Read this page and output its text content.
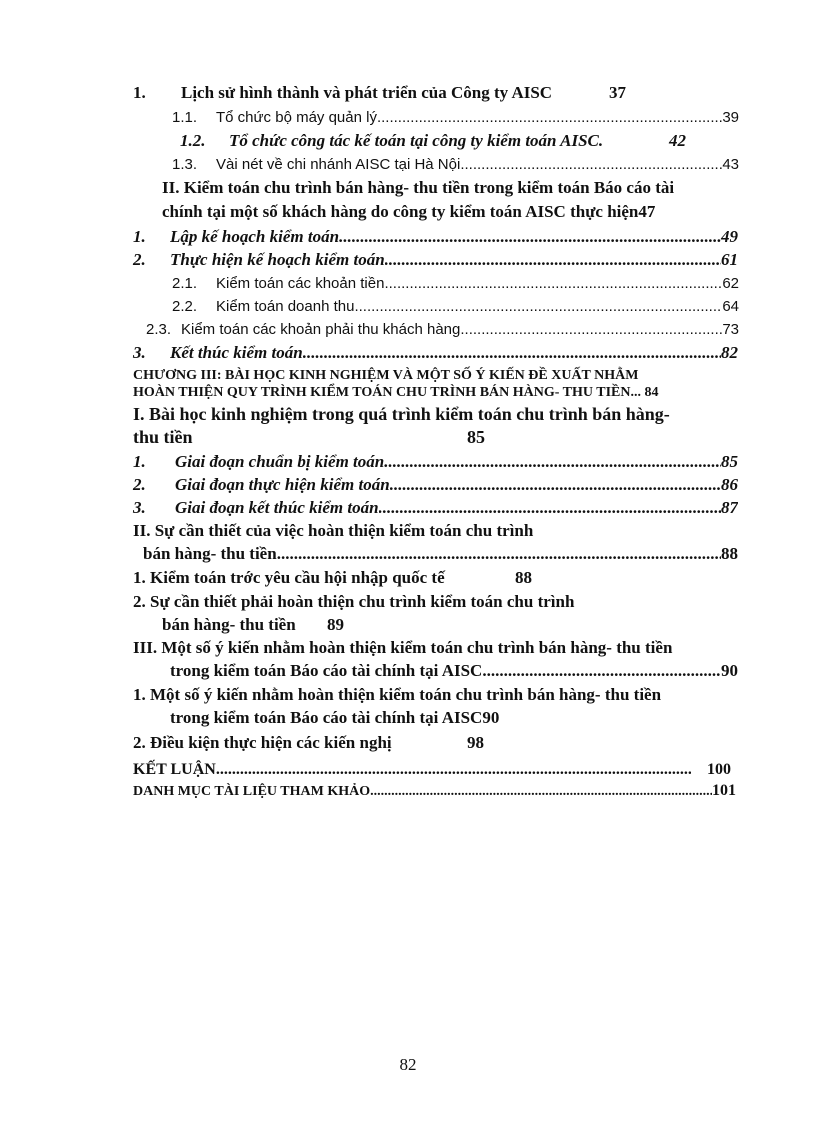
1. Lịch sử hình thành và phát triển của Công ty AISC	37
1.1. Tổ chức bộ máy quản lý .....	39
1.2. Tổ chức công tác kế toán tại công ty kiểm toán AISC.	42
1.3. Vài nét về chi nhánh AISC tại Hà Nội .....	43
II. Kiểm toán chu trình bán hàng- thu tiền trong kiểm toán Báo cáo tài
chính tại một số khách hàng do công ty kiểm toán AISC thực hiện47
1. Lập kế hoạch kiểm toán .....	49
2. Thực hiện kế hoạch kiểm toán .....	61
2.1. Kiểm toán các khoản tiền .....	62
2.2. Kiểm toán doanh thu .....	64
2.3. Kiểm toán các khoản phải thu khách hàng .....	73
3. Kết thúc kiểm toán .....	82
CHƯƠNG III: BÀI HỌC KINH NGHIỆM VÀ MỘT SỐ Ý KIẾN ĐỀ XUẤT NHẰM
HOÀN THIỆN QUY TRÌNH KIỂM TOÁN CHU TRÌNH BÁN HÀNG- THU TIỀN... 84
I. Bài học kinh nghiệm trong quá trình kiểm toán chu trình bán hàng-
thu tiền	85
1. Giai đoạn chuẩn bị kiểm toán .....	85
2. Giai đoạn thực hiện kiểm toán .....	86
3. Giai đoạn kết thúc kiểm toán .....	87
II. Sự cần thiết của việc hoàn thiện kiểm toán chu trình
bán hàng- thu tiền .....	88
1. Kiểm toán trớc yêu cầu hội nhập quốc tế	88
2. Sự cần thiết phải hoàn thiện chu trình kiểm toán chu trình
bán hàng- thu tiền 89
III. Một số ý kiến nhằm hoàn thiện kiểm toán chu trình bán hàng- thu tiền
trong kiểm toán Báo cáo tài chính tại AISC .....	90
1. Một số ý kiến nhằm hoàn thiện kiểm toán chu trình bán hàng- thu tiền
trong kiểm toán Báo cáo tài chính tại AISC90
2. Điều kiện thực hiện các kiến nghị	98
KẾT LUẬN .....	100
DANH MỤC TÀI LIỆU THAM KHẢO .....	101
82
